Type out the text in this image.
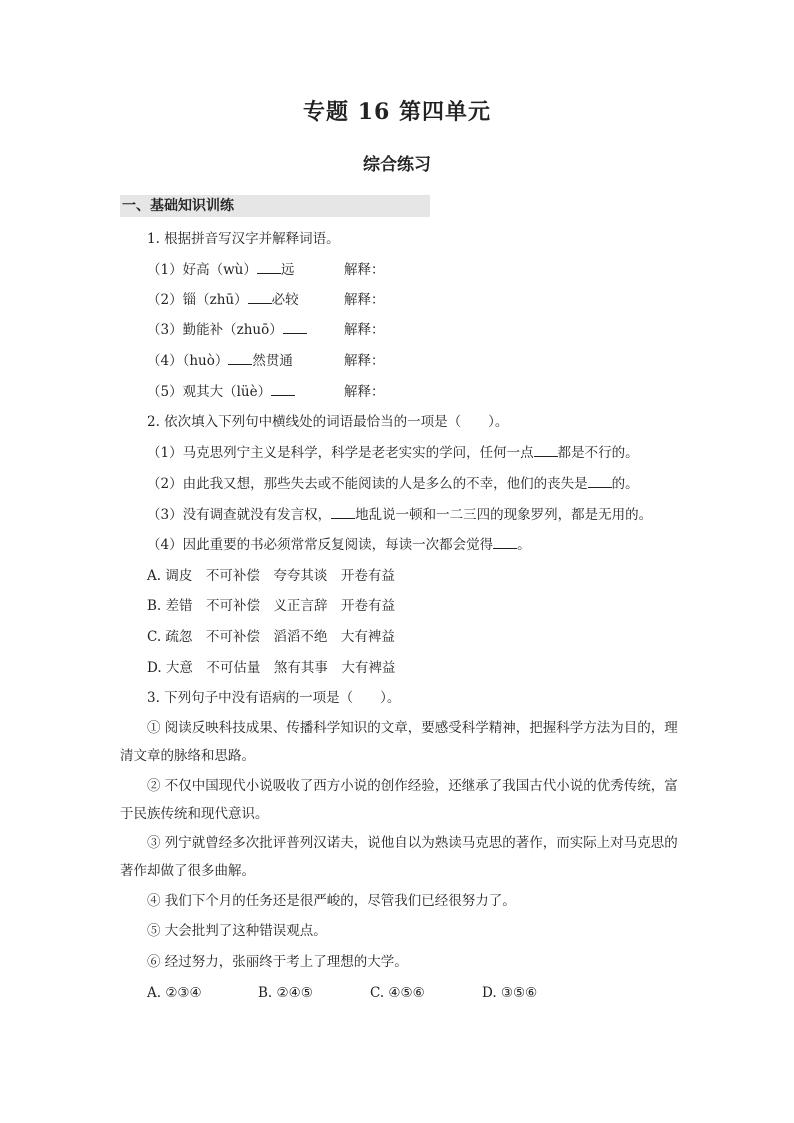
专题 16 第四单元
综合练习
一、基础知识训练
1. 根据拼音写汉字并解释词语。
（1）好高（wù） 远	解释：
（2）锱（zhū） 必较	解释：
（3）勤能补（zhuō）	解释：
（4）（huò） 然贯通	解释：
（5）观其大（lüè）	解释：
2. 依次填入下列句中横线处的词语最恰当的一项是（　　）。
（1）马克思列宁主义是科学，科学是老老实实的学问，任何一点 都是不行的。
（2）由此我又想，那些失去或不能阅读的人是多么的不幸，他们的丧失是 的。
（3）没有调查就没有发言权， 地乱说一顿和一二三四的现象罗列，都是无用的。
（4）因此重要的书必须常常反复阅读，每读一次都会觉得 。
A. 调皮　不可补偿　夸夸其谈　开卷有益
B. 差错　不可补偿　义正言辞　开卷有益
C. 疏忽　不可补偿　滔滔不绝　大有裨益
D. 大意　不可估量　煞有其事　大有裨益
3. 下列句子中没有语病的一项是（　　）。
① 阅读反映科技成果、传播科学知识的文章，要感受科学精神，把握科学方法为目的，理清文章的脉络和思路。
② 不仅中国现代小说吸收了西方小说的创作经验，还继承了我国古代小说的优秀传统，富于民族传统和现代意识。
③ 列宁就曾经多次批评普列汉诺夫，说他自以为熟读马克思的著作，而实际上对马克思的著作却做了很多曲解。
④ 我们下个月的任务还是很严峻的，尽管我们已经很努力了。
⑤ 大会批判了这种错误观点。
⑥ 经过努力，张丽终于考上了理想的大学。
A. ②③④	B. ②④⑤	C. ④⑤⑥	D. ③⑤⑥
